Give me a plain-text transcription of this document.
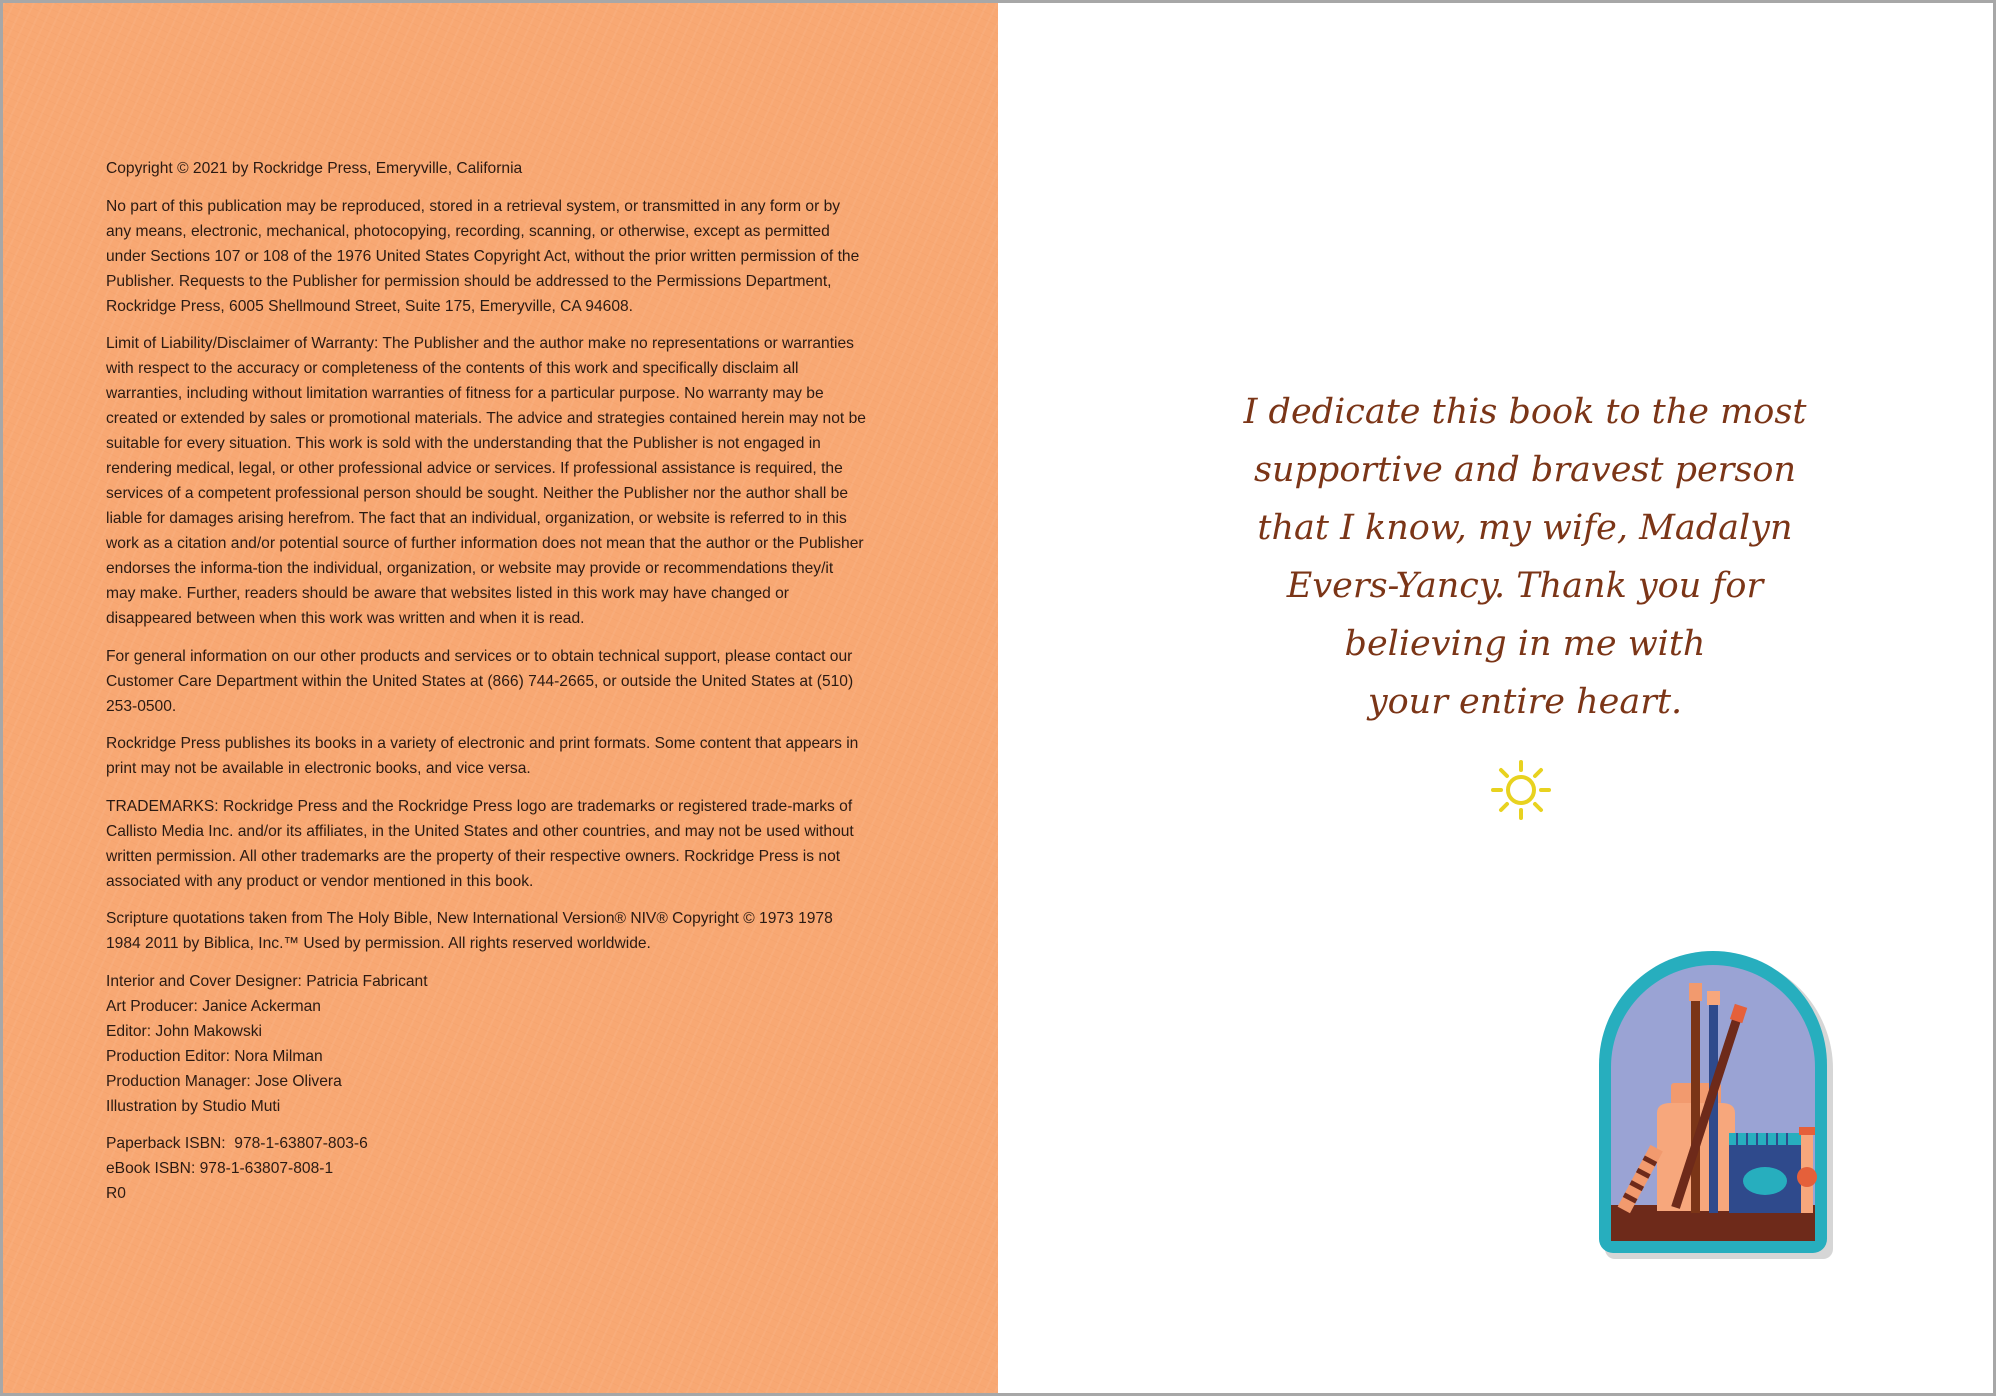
Copyright © 2021 by Rockridge Press, Emeryville, California

No part of this publication may be reproduced, stored in a retrieval system, or transmitted in any form or by any means, electronic, mechanical, photocopying, recording, scanning, or otherwise, except as permitted under Sections 107 or 108 of the 1976 United States Copyright Act, without the prior written permission of the Publisher. Requests to the Publisher for permission should be addressed to the Permissions Department, Rockridge Press, 6005 Shellmound Street, Suite 175, Emeryville, CA 94608.

Limit of Liability/Disclaimer of Warranty: The Publisher and the author make no representations or warranties with respect to the accuracy or completeness of the contents of this work and specifically disclaim all warranties, including without limitation warranties of fitness for a particular purpose. No warranty may be created or extended by sales or promotional materials. The advice and strategies contained herein may not be suitable for every situation. This work is sold with the understanding that the Publisher is not engaged in rendering medical, legal, or other professional advice or services. If professional assistance is required, the services of a competent professional person should be sought. Neither the Publisher nor the author shall be liable for damages arising herefrom. The fact that an individual, organization, or website is referred to in this work as a citation and/or potential source of further information does not mean that the author or the Publisher endorses the informa-tion the individual, organization, or website may provide or recommendations they/it may make. Further, readers should be aware that websites listed in this work may have changed or disappeared between when this work was written and when it is read.

For general information on our other products and services or to obtain technical support, please contact our Customer Care Department within the United States at (866) 744-2665, or outside the United States at (510) 253-0500.

Rockridge Press publishes its books in a variety of electronic and print formats. Some content that appears in print may not be available in electronic books, and vice versa.

TRADEMARKS: Rockridge Press and the Rockridge Press logo are trademarks or registered trade-marks of Callisto Media Inc. and/or its affiliates, in the United States and other countries, and may not be used without written permission. All other trademarks are the property of their respective owners. Rockridge Press is not associated with any product or vendor mentioned in this book.

Scripture quotations taken from The Holy Bible, New International Version® NIV® Copyright © 1973 1978 1984 2011 by Biblica, Inc.™ Used by permission. All rights reserved worldwide.

Interior and Cover Designer: Patricia Fabricant

Art Producer: Janice Ackerman

Editor: John Makowski

Production Editor: Nora Milman

Production Manager: Jose Olivera

Illustration by Studio Muti

Paperback ISBN:  978-1-63807-803-6

eBook ISBN: 978-1-63807-808-1

R0

I dedicate this book to the most
supportive and bravest person
that I know, my wife, Madalyn
Evers-Yancy. Thank you for
believing in me with
your entire heart.
